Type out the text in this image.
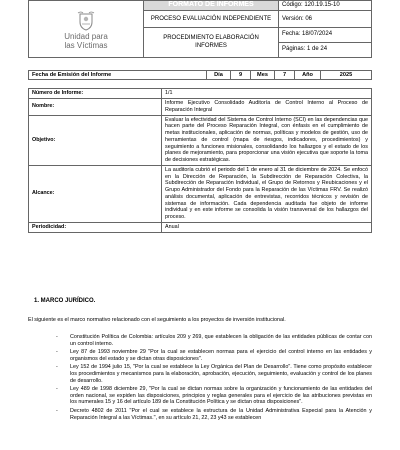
Unidad para
las Víctimas	FORMATO DE INFORMES	Código: 120.19.15-10
	PROCESO EVALUACIÓN INDEPENDIENTE	Versión: 06
	PROCEDIMIENTO ELABORACIÓN INFORMES	Fecha: 18/07/2024
		Páginas: 1 de 24
Fecha de Emisión del Informe	Día	9	Mes	7	Año	2025
Número de Informe:	1/1
Nombre:	Informe Ejecutivo Consolidado Auditoría de Control Interno al Proceso de Reparación Integral
Objetivo:	Evaluar la efectividad del Sistema de Control Interno (SCI) en las dependencias que hacen parte del Proceso Reparación Integral, con énfasis en el cumplimiento de metas institucionales, aplicación de normas, políticas y modelos de gestión, uso de herramientas de control (mapa de riesgos, indicadores, procedimientos) y seguimiento a funciones misionales, consolidando los hallazgos y el estado de los planes de mejoramiento, para proporcionar una visión ejecutiva que soporte la toma de decisiones estratégicas.
Alcance:	La auditoría cubrió el periodo del 1 de enero al 31 de diciembre de 2024. Se enfocó en la Dirección de Reparación, la Subdirección de Reparación Colectiva, la Subdirección de Reparación Individual, el Grupo de Retornos y Reubicaciones y el Grupo Administrador del Fondo para la Reparación de las Víctimas FRV. Se realizó análisis documental, aplicación de entrevistas, recorridos técnicos y revisión de sistemas de información. Cada dependencia auditada fue objeto de informe individual y en este informe se consolida la visión transversal de los hallazgos del proceso.
Periodicidad:	Anual
1. MARCO JURÍDICO.
El siguiente es el marco normativo relacionado con el seguimiento a los proyectos de inversión institucional.
- Constitución Política de Colombia: artículos 209 y 269, que establecen la obligación de las entidades públicas de contar con un control interno.
- Ley 87 de 1993 noviembre 29 "Por la cual se establecen normas para el ejercicio del control interno en las entidades y organismos del estado y se dictan otras disposiciones".
- Ley 152 de 1994 julio 15, "Por la cual se establece la Ley Orgánica del Plan de Desarrollo". Tiene como propósito establecer los procedimientos y mecanismos para la elaboración, aprobación, ejecución, seguimiento, evaluación y control de los planes de desarrollo.
- Ley 489 de 1998 diciembre 29, "Por la cual se dictan normas sobre la organización y funcionamiento de las entidades del orden nacional, se expiden las disposiciones, principios y reglas generales para el ejercicio de las atribuciones previstas en los numerales 15 y 16 del artículo 189 de la Constitución Política y se dictan otras disposiciones".
- Decreto 4802 de 2011 "Por el cual se establece la estructura de la Unidad Administrativa Especial para la Atención y Reparación Integral a las Víctimas.", en su artículo 21, 22, 23 y43 se establecen
